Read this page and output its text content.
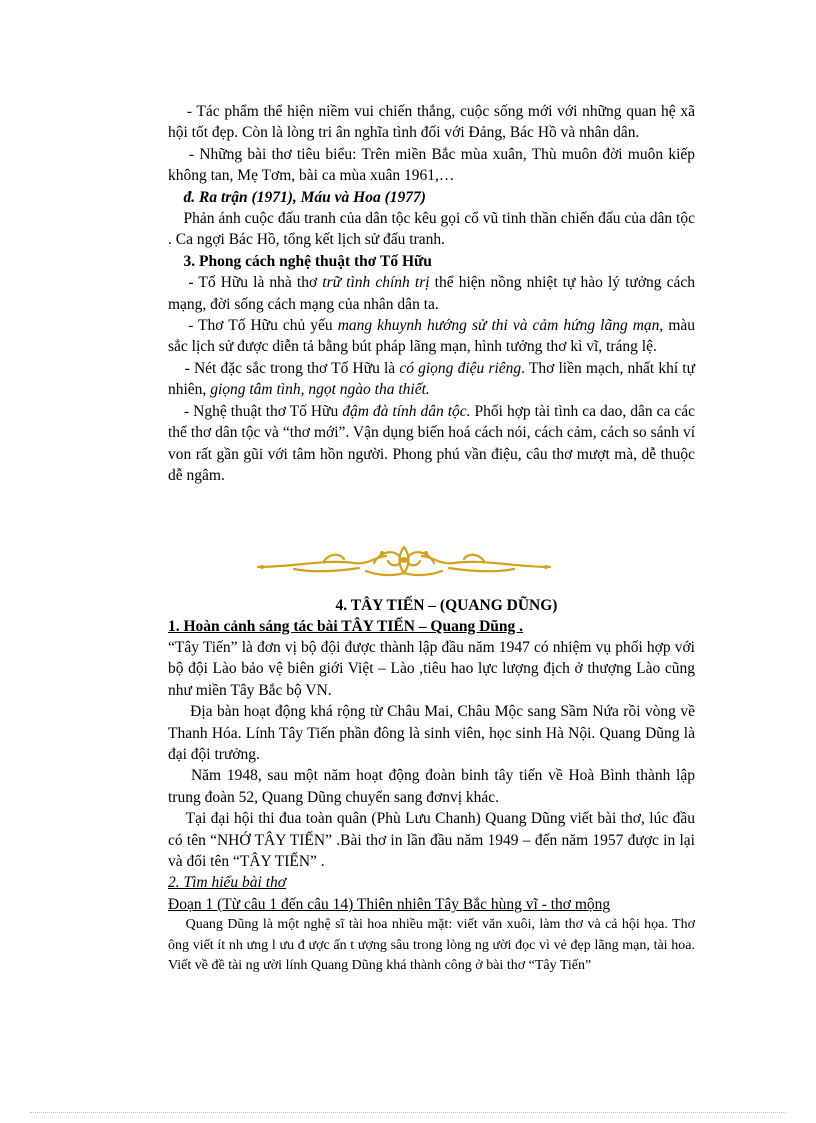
- Tác phẩm thể hiện niềm vui chiến thắng, cuộc sống mới với những quan hệ xã hội tốt đẹp. Còn là lòng tri ân nghĩa tình đối với Đảng, Bác Hồ và nhân dân.

- Những bài thơ tiêu biểu: Trên miền Bắc mùa xuân, Thù muôn đời muôn kiếp không tan, Mẹ Tơm, bài ca mùa xuân 1961,…

đ. Ra trận (1971), Máu và Hoa (1977)

Phản ánh cuộc đấu tranh của dân tộc kêu gọi cổ vũ tinh thần chiến đấu của dân tộc . Ca ngợi Bác Hồ, tổng kết lịch sử đấu tranh.

3. Phong cách nghệ thuật thơ Tố Hữu

- Tố Hữu là nhà thơ trữ tình chính trị thể hiện nồng nhiệt tự hào lý tưởng cách mạng, đời sống cách mạng của nhân dân ta.

- Thơ Tố Hữu chủ yếu mang khuynh hướng sử thi và cảm hứng lãng mạn, màu sắc lịch sử được diễn tả bằng bút pháp lãng mạn, hình tưởng thơ kì vĩ, tráng lệ.

- Nét đặc sắc trong thơ Tố Hữu là có giọng điệu riêng. Thơ liền mạch, nhất khí tự nhiên, giọng tâm tình, ngọt ngào tha thiết.

- Nghệ thuật thơ Tố Hữu đậm đà tính dân tộc. Phối hợp tài tình ca dao, dân ca các thể thơ dân tộc và “thơ mới”. Vận dụng biến hoá cách nói, cách cảm, cách so sánh ví von rất gần gũi với tâm hồn người. Phong phú vần điệu, câu thơ mượt mà, dễ thuộc dễ ngâm.

4. TÂY TIẾN – (QUANG DŨNG)
1. Hoàn cảnh sáng tác bài TÂY TIẾN – Quang Dũng .

“Tây Tiến” là đơn vị bộ đội được thành lập đầu năm 1947 có nhiệm vụ phối hợp với bộ đội Lào bảo vệ biên giới Việt – Lào ,tiêu hao lực lượng địch ở thượng Lào cũng như miền Tây Bắc bộ VN.

Địa bàn hoạt động khá rộng từ Châu Mai, Châu Mộc sang Sầm Nứa rồi vòng về Thanh Hóa. Lính Tây Tiến phần đông là sinh viên, học sinh Hà Nội. Quang Dũng là đại đội trưởng.

Năm 1948, sau một năm hoạt động đoàn binh tây tiến về Hoà Bình thành lập trung đoàn 52, Quang Dũng chuyển sang đơnvị khác.

Tại đại hội thi đua toàn quân (Phù Lưu Chanh) Quang Dũng viết bài thơ, lúc đầu có tên “NHỚ TÂY TIẾN” .Bài thơ in lần đầu năm 1949 – đến năm 1957 được in lại và đổi tên “TÂY TIẾN” .

2. Tìm hiểu bài thơ

Đoạn 1 (Từ câu 1 đến câu 14) Thiên nhiên Tây Bắc hùng vĩ - thơ mộng

Quang Dũng là một nghệ sĩ tài hoa nhiều mặt: viết văn xuôi, làm thơ và cả hội họa. Thơ ông viết ít nh ưng l ưu đ ược ấn t ượng sâu trong lòng ng ười đọc vì vẻ đẹp lãng mạn, tài hoa. Viết về đề tài ng ười lính Quang Dũng khá thành công ở bài thơ “Tây Tiến”
